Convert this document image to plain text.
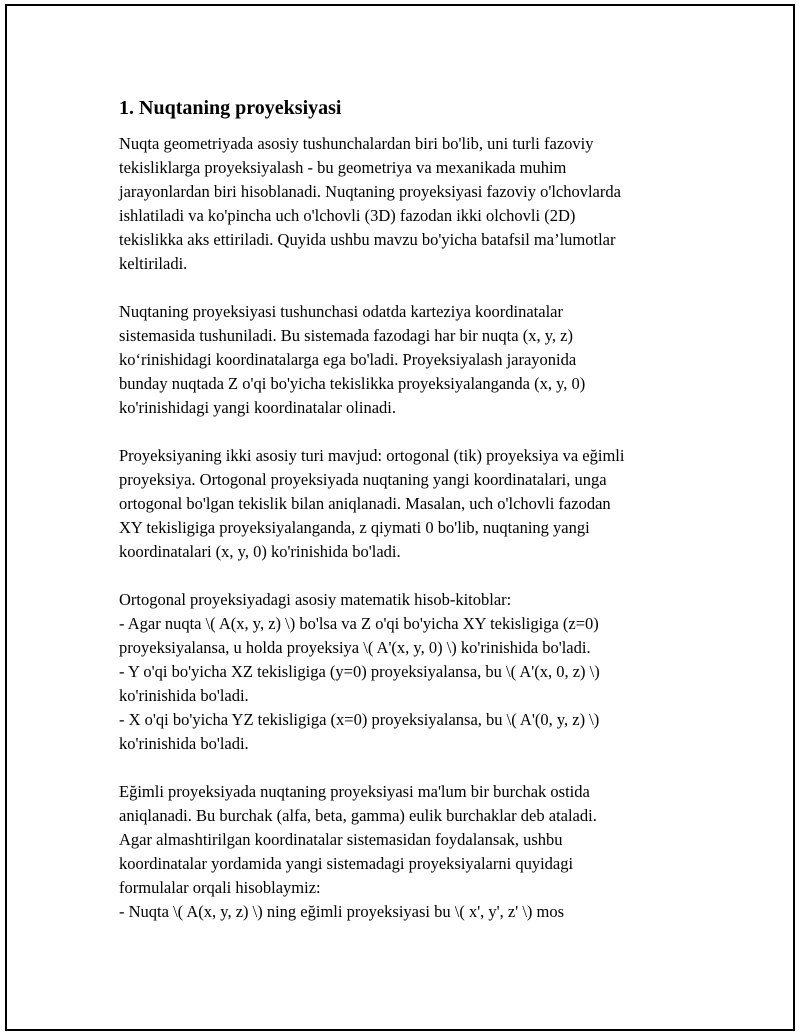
1. Nuqtaning proyeksiyasi

Nuqta geometriyada asosiy tushunchalardan biri bo'lib, uni turli fazoviy
tekisliklarga proyeksiyalash - bu geometriya va mexanikada muhim
jarayonlardan biri hisoblanadi. Nuqtaning proyeksiyasi fazoviy o'lchovlarda
ishlatiladi va ko'pincha uch o'lchovli (3D) fazodan ikki olchovli (2D)
tekislikka aks ettiriladi. Quyida ushbu mavzu bo'yicha batafsil ma’lumotlar
keltiriladi.

Nuqtaning proyeksiyasi tushunchasi odatda karteziya koordinatalar
sistemasida tushuniladi. Bu sistemada fazodagi har bir nuqta (x, y, z)
ko‘rinishidagi koordinatalarga ega bo'ladi. Proyeksiyalash jarayonida
bunday nuqtada Z o'qi bo'yicha tekislikka proyeksiyalanganda (x, y, 0)
ko'rinishidagi yangi koordinatalar olinadi.

Proyeksiyaning ikki asosiy turi mavjud: ortogonal (tik) proyeksiya va eğimli
proyeksiya. Ortogonal proyeksiyada nuqtaning yangi koordinatalari, unga
ortogonal bo'lgan tekislik bilan aniqlanadi. Masalan, uch o'lchovli fazodan
XY tekisligiga proyeksiyalanganda, z qiymati 0 bo'lib, nuqtaning yangi
koordinatalari (x, y, 0) ko'rinishida bo'ladi.

Ortogonal proyeksiyadagi asosiy matematik hisob-kitoblar:
- Agar nuqta \( A(x, y, z) \) bo'lsa va Z o'qi bo'yicha XY tekisligiga (z=0)
proyeksiyalansa, u holda proyeksiya \( A'(x, y, 0) \) ko'rinishida bo'ladi.
- Y o'qi bo'yicha XZ tekisligiga (y=0) proyeksiyalansa, bu \( A'(x, 0, z) \)
ko'rinishida bo'ladi.
- X o'qi bo'yicha YZ tekisligiga (x=0) proyeksiyalansa, bu \( A'(0, y, z) \)
ko'rinishida bo'ladi.

Eğimli proyeksiyada nuqtaning proyeksiyasi ma'lum bir burchak ostida
aniqlanadi. Bu burchak (alfa, beta, gamma) eulik burchaklar deb ataladi.
Agar almashtirilgan koordinatalar sistemasidan foydalansak, ushbu
koordinatalar yordamida yangi sistemadagi proyeksiyalarni quyidagi
formulalar orqali hisoblaymiz:
- Nuqta \( A(x, y, z) \) ning eğimli proyeksiyasi bu \( x', y', z' \) mos
